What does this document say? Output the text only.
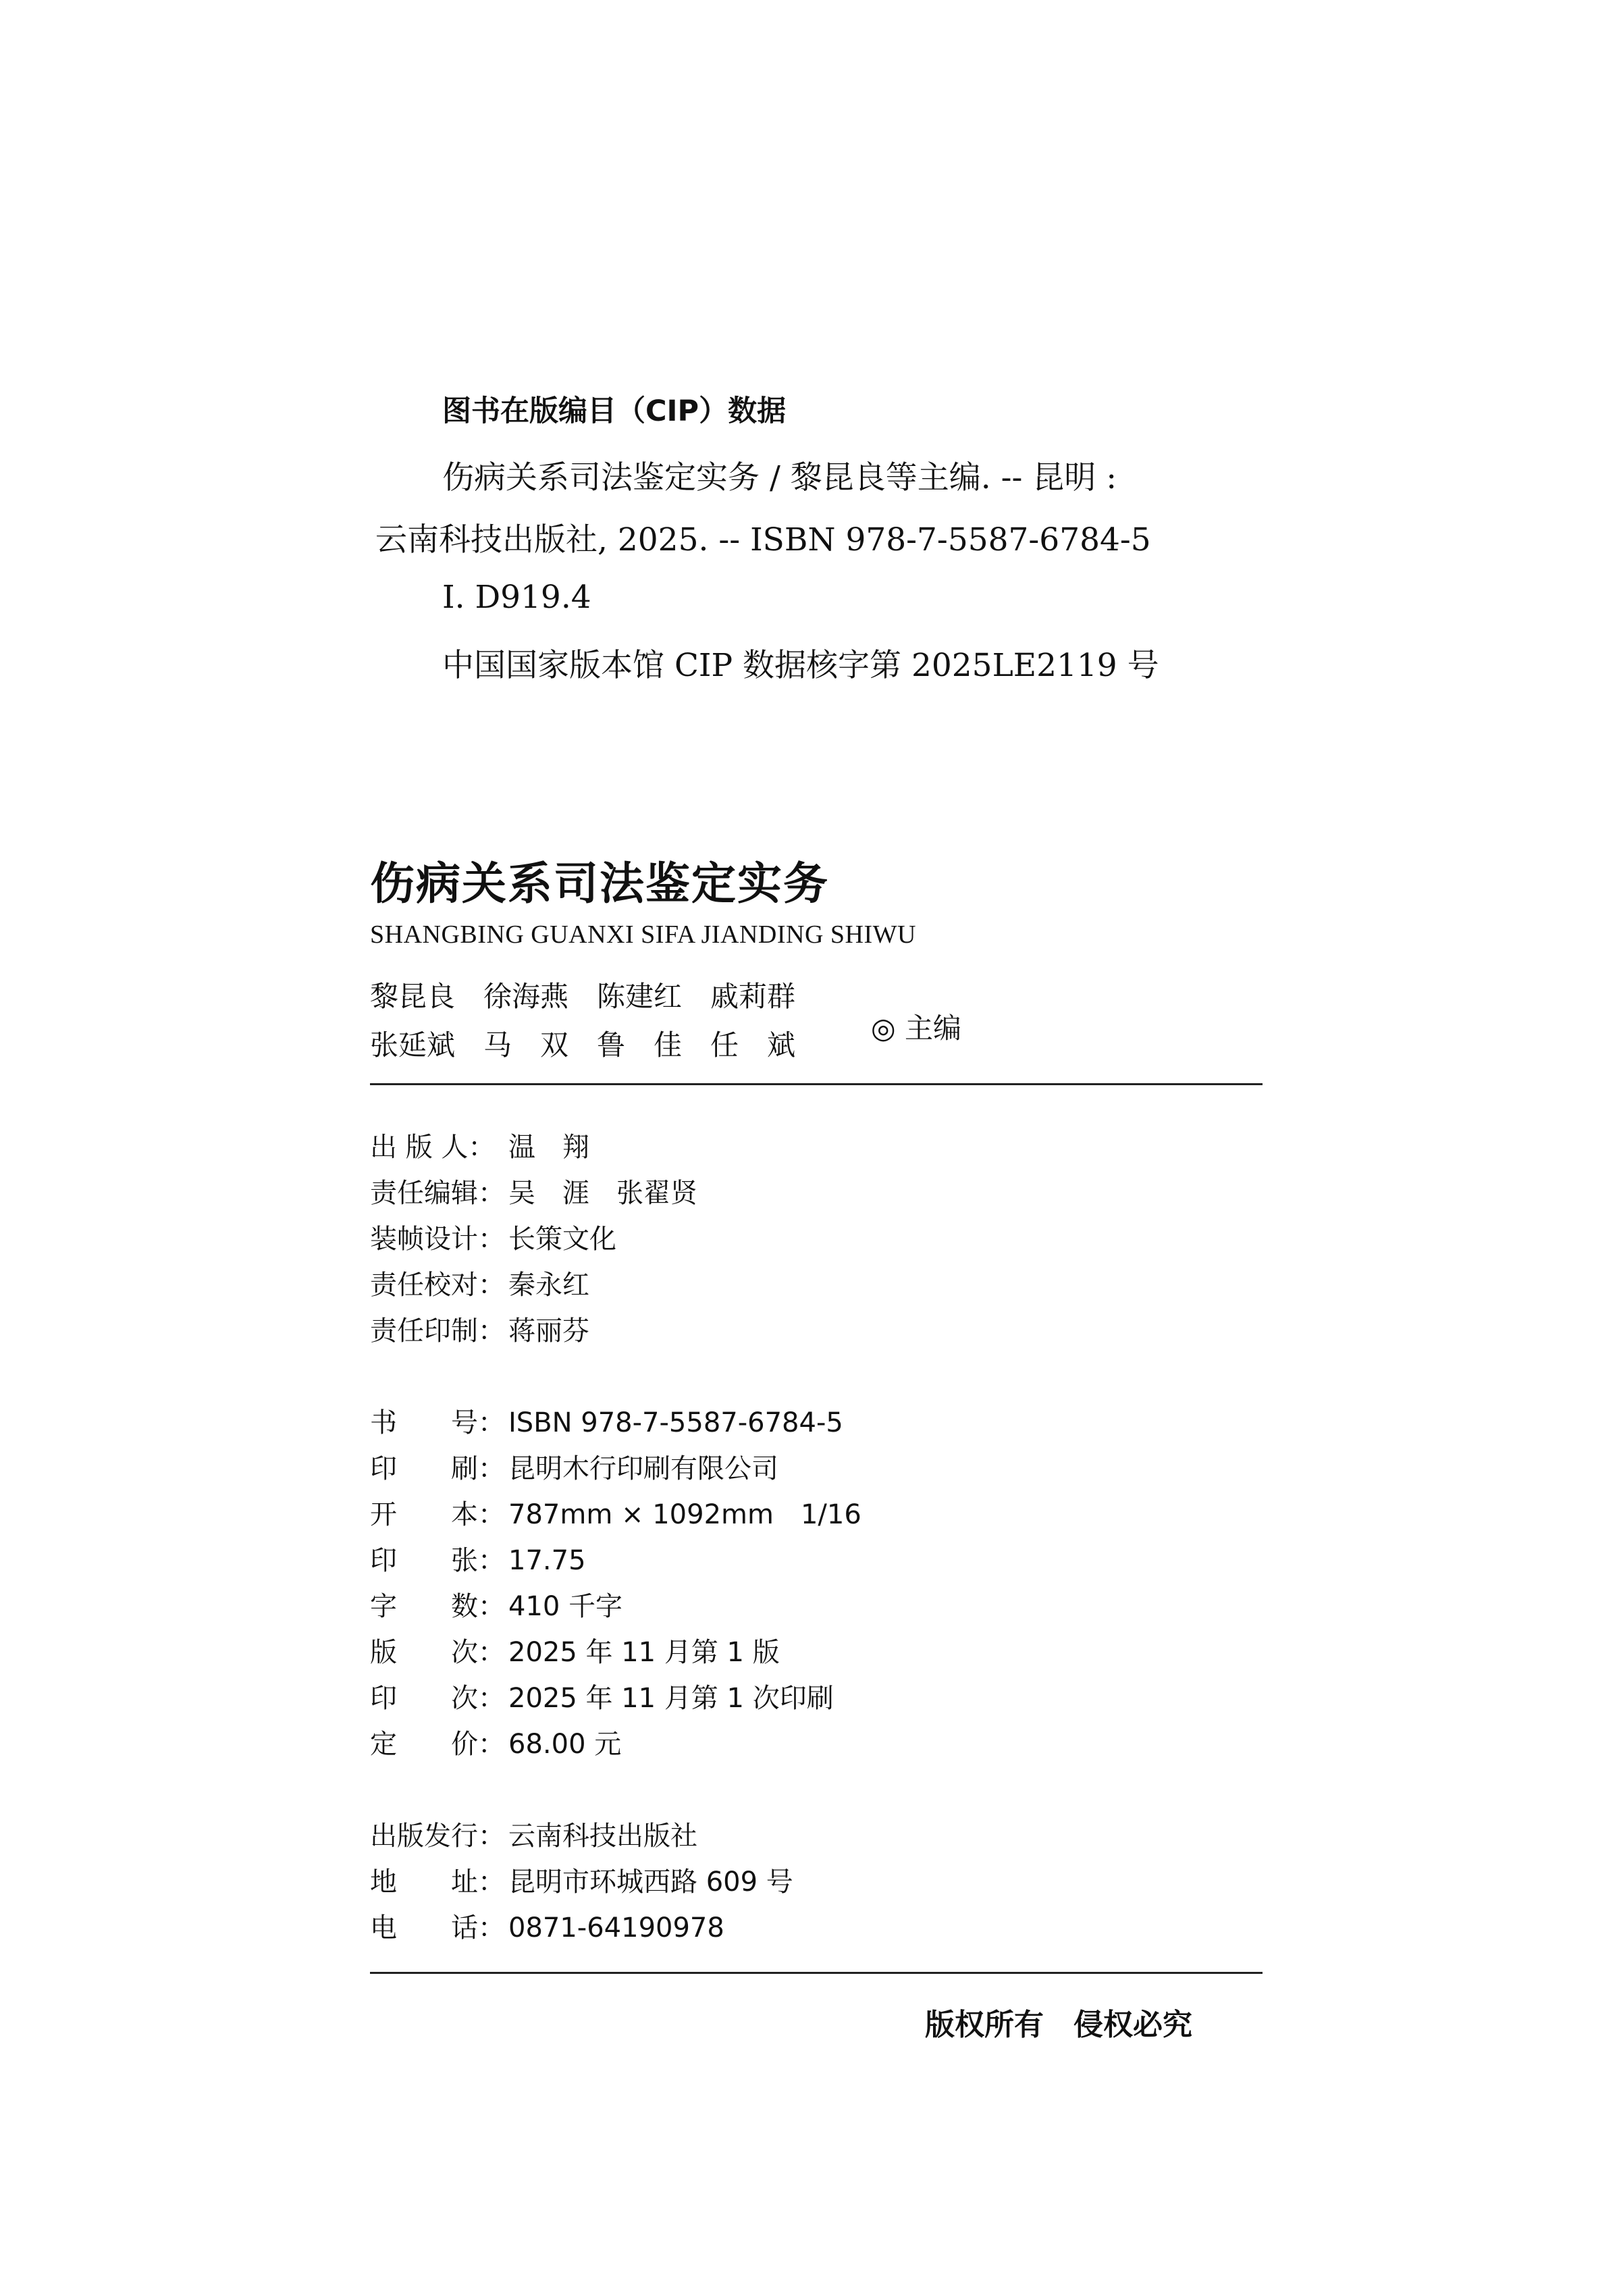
图书在版编目（CIP）数据
伤病关系司法鉴定实务 / 黎昆良等主编. -- 昆明 :
云南科技出版社, 2025. -- ISBN 978-7-5587-6784-5
Ⅰ. D919.4
中国国家版本馆 CIP 数据核字第 2025LE2119 号
伤病关系司法鉴定实务
SHANGBING GUANXI SIFA JIANDING SHIWU
黎昆良　徐海燕　陈建红　戚莉群
张延斌　马　双　鲁　佳　任　斌
◎ 主编
出 版 人： 温　翔
责任编辑： 吴　涯　张翟贤
装帧设计： 长策文化
责任校对： 秦永红
责任印制： 蒋丽芬
书　　号： ISBN 978-7-5587-6784-5
印　　刷： 昆明木行印刷有限公司
开　　本： 787mm × 1092mm　1/16
印　　张： 17.75
字　　数： 410 千字
版　　次： 2025 年 11 月第 1 版
印　　次： 2025 年 11 月第 1 次印刷
定　　价： 68.00 元
出版发行： 云南科技出版社
地　　址： 昆明市环城西路 609 号
电　　话： 0871-64190978
版权所有　侵权必究
